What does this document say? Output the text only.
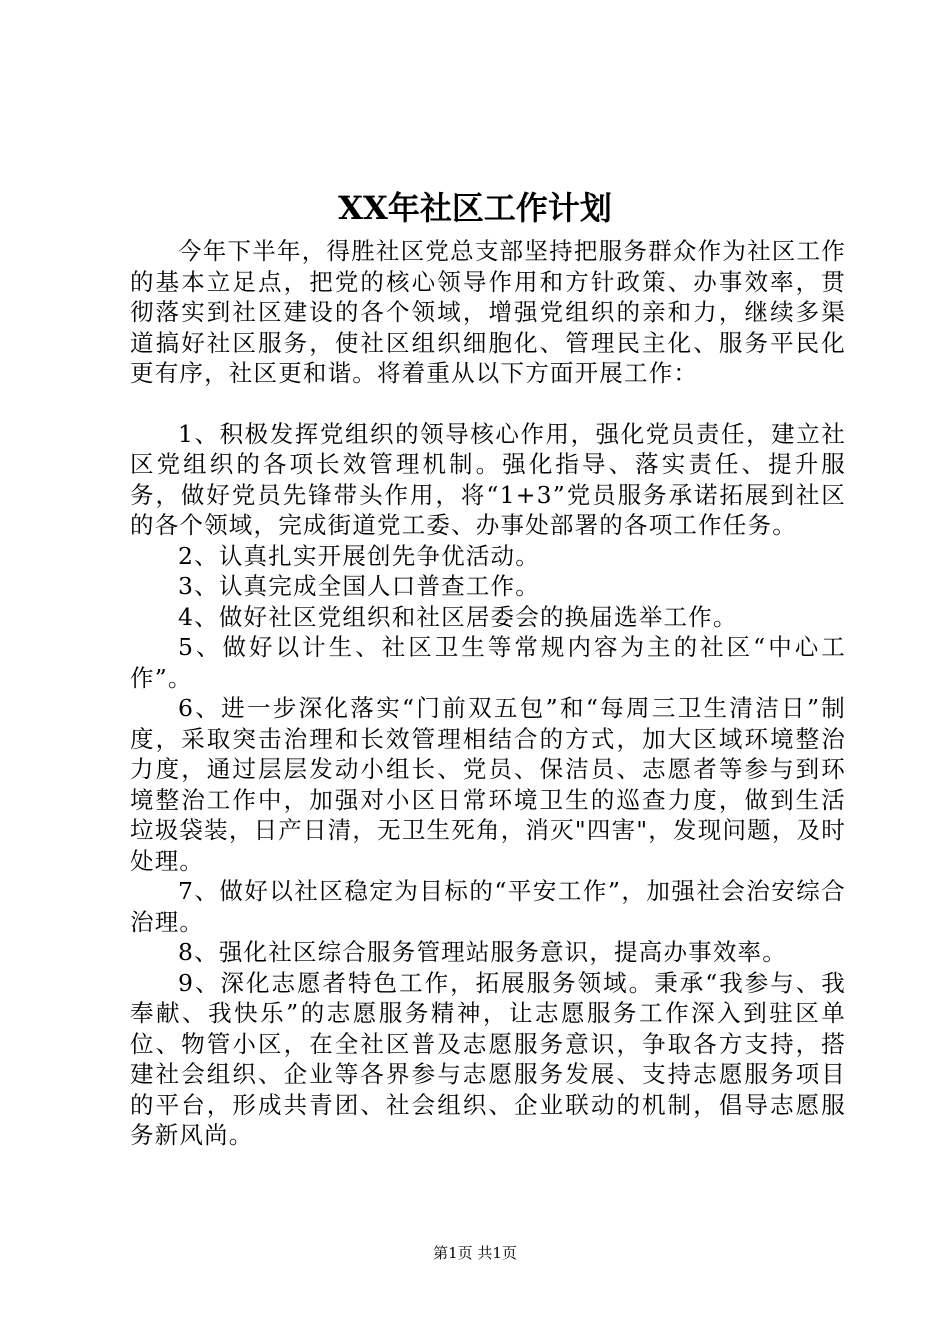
XX年社区工作计划

今年下半年，得胜社区党总支部坚持把服务群众作为社区工作的基本立足点，把党的核心领导作用和方针政策、办事效率，贯彻落实到社区建设的各个领域，增强党组织的亲和力，继续多渠道搞好社区服务，使社区组织细胞化、管理民主化、服务平民化更有序，社区更和谐。将着重从以下方面开展工作：

1、积极发挥党组织的领导核心作用，强化党员责任，建立社区党组织的各项长效管理机制。强化指导、落实责任、提升服务，做好党员先锋带头作用，将“1+3”党员服务承诺拓展到社区的各个领域，完成街道党工委、办事处部署的各项工作任务。

2、认真扎实开展创先争优活动。

3、认真完成全国人口普查工作。

4、做好社区党组织和社区居委会的换届选举工作。

5、做好以计生、社区卫生等常规内容为主的社区“中心工作”。

6、进一步深化落实“门前双五包”和“每周三卫生清洁日”制度，采取突击治理和长效管理相结合的方式，加大区域环境整治力度，通过层层发动小组长、党员、保洁员、志愿者等参与到环境整治工作中，加强对小区日常环境卫生的巡查力度，做到生活垃圾袋装，日产日清，无卫生死角，消灭"四害"，发现问题，及时处理。

7、做好以社区稳定为目标的“平安工作”，加强社会治安综合治理。

8、强化社区综合服务管理站服务意识，提高办事效率。

9、深化志愿者特色工作，拓展服务领域。秉承“我参与、我奉献、我快乐”的志愿服务精神，让志愿服务工作深入到驻区单位、物管小区，在全社区普及志愿服务意识，争取各方支持，搭建社会组织、企业等各界参与志愿服务发展、支持志愿服务项目的平台，形成共青团、社会组织、企业联动的机制，倡导志愿服务新风尚。

第1页 共1页
